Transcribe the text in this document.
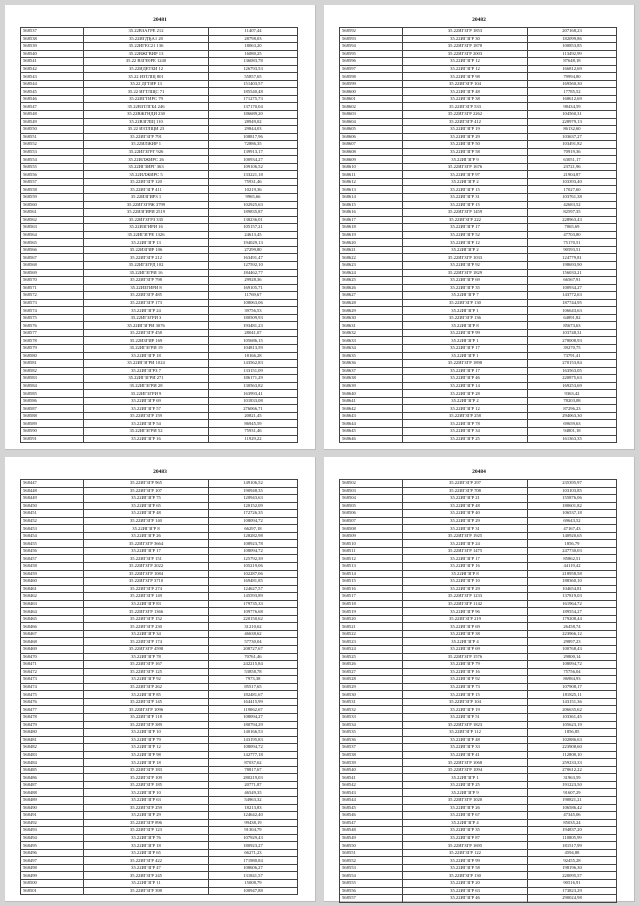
20481
568537	35.22ВЗАГРЕ 212	11407,44
568538	35.22ИГДЂА1 20	28798,03
568539	35.22ИГЕС21 136	18063,20
568540	35.22ВЖГВИР 13	16080,25
568541	35.22 ВЗГЕ0РЕ 1240	136083,78
568542	35.22ИДЕТБИ 12	126793,53
568543	35.22 ИЗТЛЩ 801	55857,65
568544	35.22 ДГТИР 13	151403,57
568545	35.22 ИГТЛЩС 71	185540,48
568546	35.22ИГТИРС 79	171275,73
568547	35.22ВЗТЛГБ4 246	137170,04
568548	35.22ВЖГНДИ 230	186689,20
568549	35.22ВЗГЛЩ 110	28949,02
568550	35.22 ИЗТЛЩИ 23	29844,03
568551	35.22ИГЗГР 791	108817,96
568552	35.22ИЛЖИР 1	72886,35
568553	35.22ИГЗГРГ 926	139913,17
568554	35.22ИЛЖИРС 26	100934,27
568555	35.22ИГЗИРГ 363	109106,52
568556	35.22ИЛЖИРС 5	133221,18
568557	35.22ИГЗГР 120	75931,46
568558	35.22ИГЗГР 411	10219,36
568559	35.22ИЗГИРЗ 1	9965,66
568560	35.22ИГЗГРЖ 3799	102925,63
568561	35.22ИЗГИРИ 2519	189835,87
568562	35.22ИГЗГРЗ 335	138236,01
568563	35.22ИЗГИРИ 16	105157,21
568564	35.22ИГЗГРЕ 1326	24613,45
568565	35.22ИГЗГР 13	194029,13
568566	35.22ИЗГИР 106	27299,80
568567	35.22ИГЗГР 212	163491,47
568568	35.22ИГЗГРД 102	127592,10
568569	35.22ИГЗГРИ 16	184462,77
568570	35.22ИГЗГР 798	29928,36
568571	35.22ИЗГИРИ 8	169105,71
568572	35.22ИГЗГР 485	11769,67
568573	35.22ИГЗГР 173	108063,06
568574	35.22ИГЗГР 24	39756,53
568575	35.22ИГЗГРИ 3	180509,93
568576	35.22ИГЗГРИ 3076	193481,23
568577	35.22ИГЗГР 458	28041,07
568578	35.22ИЗГИР 169	105686,15
568579	35.22ИГЗГРИ 19	104813,59
568580	35.22ИГЗГР 18	18166,28
568581	35.22ИГЗГРИ 1024	143562,83
568582	35.22ИГЗГРЗ 7	133151,09
568583	35.22ИГЗГРИ 271	186171,29
568584	35.22ИГЗГРИ 28	130563,82
568585	35.22ИГЗГРИ 9	163993,41
568586	35.22ИГЗГР 69	101833,08
568587	35.22ИГЗГР 57	276066,71
568588	35.22ИГЗГР 159	20821,45
568589	35.22ИГЗГР 54	86945,59
568590	35.22ИГЗГРИ 52	75931,46
568591	35.22ИГЗГР 16	11929,22
20482
568592	35.22ИГЗГР 1853	207168,23
568593	35.22ИГЗГР 30	182099,86
568594	35.22ИГЗГР 1878	100853,85
568595	35.22ИГЗГР 2003	113492,99
568596	35.22ИГЗГР 12	87648,18
568597	35.22ИГЗГР 12	166812,69
568598	35.22ИГЗГР 98	79994,80
568599	35.22ИГЗГР 104	169560,30
568600	35.22ИГЗГР 48	17785,52
568601	35.22ИГЗГР 38	168612,69
568602	35.22ИГЗГР 533	98434,59
568603	35.22ИГЗГР 2262	104560,31
568604	35.22ИГЗГР 412	228979,13
568605	35.22ИГЗГР 19	86132,60
568606	35.22ИГЗГР 29	103637,27
568607	35.22ИГЗГР 50	103491,82
568608	35.22ИГЗГР 58	70919,36
568609	35.22ИГЗГР 9	63051,17
568610	35.22ИГЗГР 1676	23721,96
568611	35.22ИГЗГР 97	21904,87
568612	35.22ИГЗГР 2	103393,40
568613	35.22ИГЗГР 15	17027,60
568614	35.22ИГЗГР 31	103761,38
568615	35.22ИГЗГР 15	42683,52
568616	35.22ИГЗГР 1459	82597,35
568617	35.22ИГЗГР 222	228963,43
568618	35.22ИГЗГР 17	7065,69
568619	35.22ИГЗГР 52	47703,80
568620	35.22ИГЗГР 12	75170,51
568621	35.22ИГЗГР 2	90593,51
568622	35.22ИГЗГР 1033	124779,81
568623	35.22ИГЗГР 92	198693,90
568624	35.22ИГЗГР 1829	156033,21
568625	35.22ИГЗГР 69	66567,91
568626	35.22ИГЗГР 35	100934,27
568627	35.22ИГЗГР 7	143772,63
568628	35.22ИГЗГР 130	187744,95
568629	35.22ИГЗГР 1	106643,63
568630	35.22ИГЗГР 136	64891,82
568631	35.22ИГЗГР 8	85673,63
568632	35.22ИГЗГР 99	103748,31
568633	35.22ИГЗГР 1	278008,93
568634	35.22ИГЗГР 17	39270,75
568635	35.22ИГЗГР 1	73791,41
568636	35.22ИГЗГР 1898	270153,84
568637	35.22ИГЗГР 17	163563,05
568638	35.22ИГЗГР 46	220875,63
568639	35.22ИГЗГР 14	169253,69
568640	35.22ИГЗГР 28	9363,42
568641	35.22ИГЗГР 2	78203,08
568642	35.22ИГЗГР 12	87296,23
568643	35.22ИГЗГР 258	294063,30
568644	35.22ИГЗГР 78	69659,63
568645	35.22ИГЗГР 34	94801,18
568646	35.22ИГЗГР 25	161363,35
20483
568447	35.22ИГЗГР 965	149106,52
568448	35.22ИГЗГР 107	190948,35
568449	35.22ИГЗГР 75	120943,63
568450	35.22ИГЗГР 65	120152,09
568451	35.22ИГЗГР 48	172726,35
568452	35.22ИГЗГР 140	108094,72
568453	35.22ИГЗГР 8	66297,18
568454	35.22ИГЗГР 26	128282,98
568455	35.22ИГЗГР 3664	108923,78
568456	35.22ИГЗГР 17	108094,72
568457	35.22ИГЗГР 151	125792,39
568458	35.22ИГЗГР 2022	105219,06
568459	35.22ИГЗГР 1084	102287,06
568460	35.22ИГЗГР 3710	169481,85
568461	35.22ИГЗГР 274	124627,57
568462	35.22ИГЗГР 149	145593,89
568463	35.22ИГЗГР 83	179735,33
568464	35.22ИГЗГР 1366	109776,68
568465	35.22ИГЗГР 152	220150,62
568466	35.22ИГЗГР 230	31210,62
568467	35.22ИГЗГР 34	46638,62
568468	35.22ИГЗГР 174	57730,04
568469	35.22ИГЗГР 4598	208727,67
568470	35.22ИГЗГР 78	70761,46
568471	35.22ИГЗГР 167	242215,84
568472	35.22ИГЗГР 125	53858,78
568473	35.22ИГЗГР 92	7973,38
568474	35.22ИГЗГР 262	85517,65
568475	35.22ИГЗГР 85	182481,67
568476	35.22ИГЗГР 145	164415,99
568477	35.22ИГЗГР 1096	119062,67
568478	35.22ИГЗГР 118	108094,27
568479	35.22ИГЗГР 389	180794,29
568480	35.22ИГЗГР 10	140166,53
568481	35.22ИГЗГР 79	143195,83
568482	35.22ИГЗГР 12	108094,72
568483	35.22ИГЗГР 98	142777,18
568484	35.22ИГЗГР 18	87037,62
568485	35.22ИГЗГР 183	78817,67
568486	35.22ИГЗГР 109	280219,03
568487	35.22ИГЗГР 185	20771,87
568488	35.22ИГЗГР 10	46549,35
568489	35.22ИГЗГР 63	54963,32
568490	35.22ИГЗГР 259	18213,83
568491	35.22ИГЗГР 29	124642,40
568492	35.22ИГЗГР 896	99438,19
568493	35.22ИГЗГР 123	91304,79
568494	35.22ИГЗГР 76	107929,43
568495	35.22ИГЗГР 18	180923,27
568496	35.22ИГЗГР 65	66271,23
568497	35.22ИГЗГР 422	171980,84
568498	35.22ИГЗГР 47	108606,27
568499	35.22ИГЗГР 245	131841,57
568500	35.22ИГЗГР 11	15008,79
568501	35.22ИГЗГР 398	100947,88
20484
568502	35.22ИГЗГР 297	235395,97
568503	35.22ИГЗГР 708	103103,85
568504	35.22ИГЗГР 21	155876,06
568505	35.22ИГЗГР 48	180601,82
568506	35.22ИГЗГР 40	106537,18
568507	35.22ИГЗГР 29	69643,52
568508	35.22ИГЗГР 31	47167,43
568509	35.22ИГЗГР 1925	140920,65
568510	35.22ИГЗГР 24	1856,79
568511	35.22ИГЗГР 1475	247730,03
568512	35.22ИГЗГР 17	85862,51
568513	35.22ИГЗГР 16	44119,42
568514	35.22ИГЗГР 8	218958,58
568515	35.22ИГЗГР 10	188360,10
568516	35.22ИГЗГР 29	104654,81
568517	35.22ИГЗГР 1233	137819,03
568518	35.22ИГЗГР 1142	161964,72
568519	35.22ИГЗГР 96	189554,27
568520	35.22ИГЗГР 219	179208,44
568521	35.22ИГЗГР 69	26458,74
568522	35.22ИГЗГР 38	223966,12
568523	35.22ИГЗГР 4	29897,23
568524	35.22ИГЗГР 69	100768,43
568525	35.22ИГЗГР 1576	29800,14
568526	35.22ИГЗГР 79	108094,72
568527	35.22ИГЗГР 16	75756,04
568528	35.22ИГЗГР 92	86984,93
568529	35.22ИГЗГР 73	107908,17
568530	35.22ИГЗГР 15	181825,11
568531	35.22ИГЗГР 104	143151,36
568532	35.22ИГЗГР 19	206635,62
568533	35.22ИГЗГР 51	103361,45
568534	35.22ИГЗГР 1823	105623,19
568535	35.22ИГЗГР 112	1856,85
568536	35.22ИГЗГР 48	102886,63
568537	35.22ИГЗГР 33	223908,60
568538	35.22ИГЗГР 41	112808,10
568539	35.22ИГЗГР 1068	259233,33
568540	35.22ИГЗГР 1094	270612,22
568541	35.22ИГЗГР 1	31963,59
568542	35.22ИГЗГР 25	191223,50
568543	35.22ИГЗГР 9	91607,29
568544	35.22ИГЗГР 1020	190821,21
568545	35.22ИГЗГР 26	106586,42
568546	35.22ИГЗГР 67	47345,06
568547	35.22ИГЗГР 4	85035,24
568548	35.22ИГЗГР 35	194837,20
568549	35.22ИГЗГР 87	110805,99
568550	35.22ИГЗГР 1695	181517,99
568551	35.22ИГЗГР 122	4594,88
568552	35.22ИГЗГР 99	92455,28
568553	35.22ИГЗГР 58	198196,30
568554	35.22ИГЗГР 130	220095,57
568555	35.22ИГЗГР 20	90516,91
568556	35.22ИГЗГР 63	173823,29
568557	35.22ИГЗГР 46	290024,98
